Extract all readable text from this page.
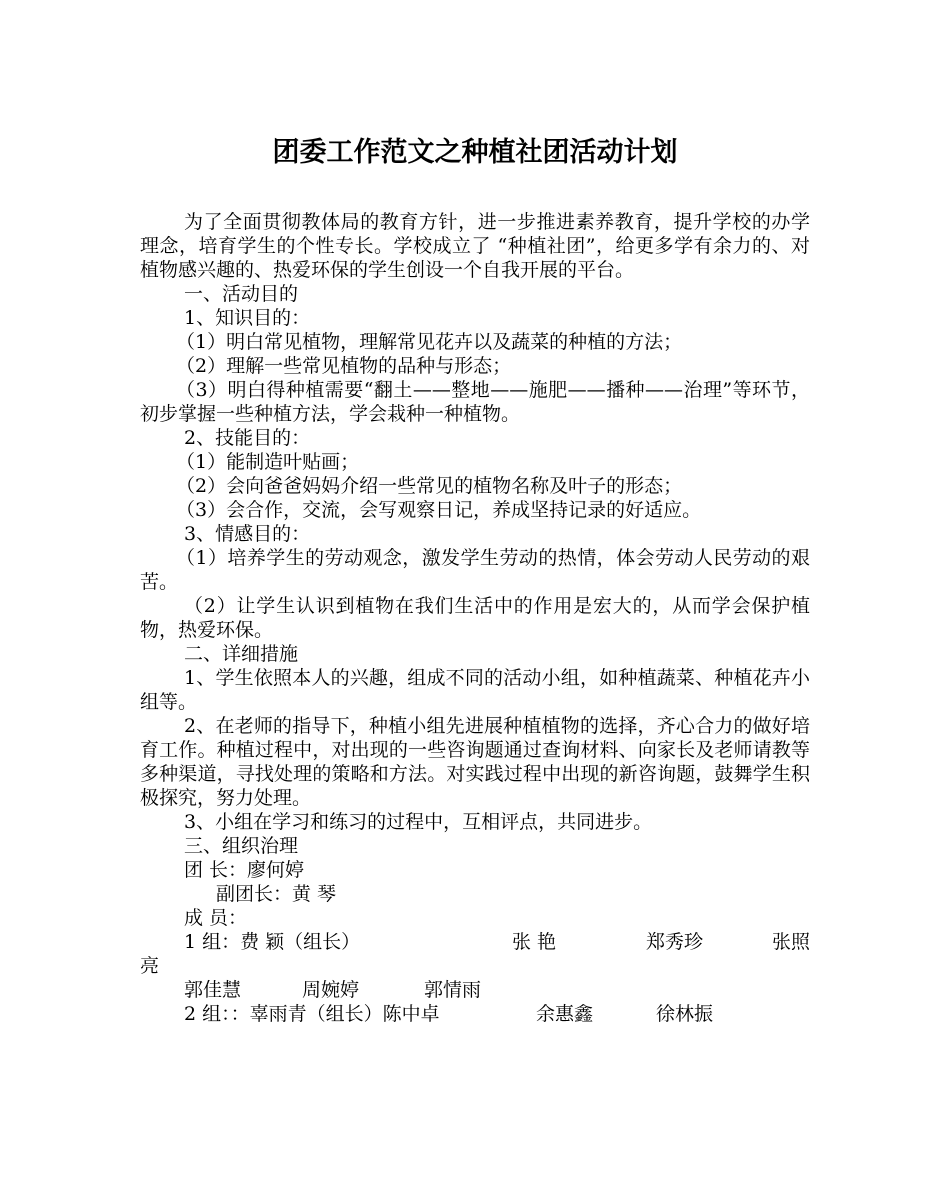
团委工作范文之种植社团活动计划

为了全面贯彻教体局的教育方针，进一步推进素养教育，提升学校的办学理念，培育学生的个性专长。学校成立了 “种植社团”，给更多学有余力的、对植物感兴趣的、热爱环保的学生创设一个自我开展的平台。

一、活动目的

1、知识目的：

（1）明白常见植物，理解常见花卉以及蔬菜的种植的方法；

（2）理解一些常见植物的品种与形态；

（3）明白得种植需要“翻土——整地——施肥——播种——治理”等环节，初步掌握一些种植方法，学会栽种一种植物。

2、技能目的：

（1）能制造叶贴画；

（2）会向爸爸妈妈介绍一些常见的植物名称及叶子的形态；

（3）会合作，交流，会写观察日记，养成坚持记录的好适应。

3、情感目的：

（1）培养学生的劳动观念，激发学生劳动的热情，体会劳动人民劳动的艰苦。

（2）让学生认识到植物在我们生活中的作用是宏大的，从而学会保护植物，热爱环保。

二、详细措施

1、学生依照本人的兴趣，组成不同的活动小组，如种植蔬菜、种植花卉小组等。

2、在老师的指导下，种植小组先进展种植植物的选择，齐心合力的做好培育工作。种植过程中，对出现的一些咨询题通过查询材料、向家长及老师请教等多种渠道，寻找处理的策略和方法。对实践过程中出现的新咨询题，鼓舞学生积极探究，努力处理。

3、小组在学习和练习的过程中，互相评点，共同进步。

三、组织治理

团 长：廖何婷

副团长：黄 琴

成 员：

1 组：费 颖（组长）	张 艳	郑秀珍	张照

亮

郭佳慧	周婉婷	郭情雨
2 组：：辜雨青（组长）陈中卓	余惠鑫	徐林振
